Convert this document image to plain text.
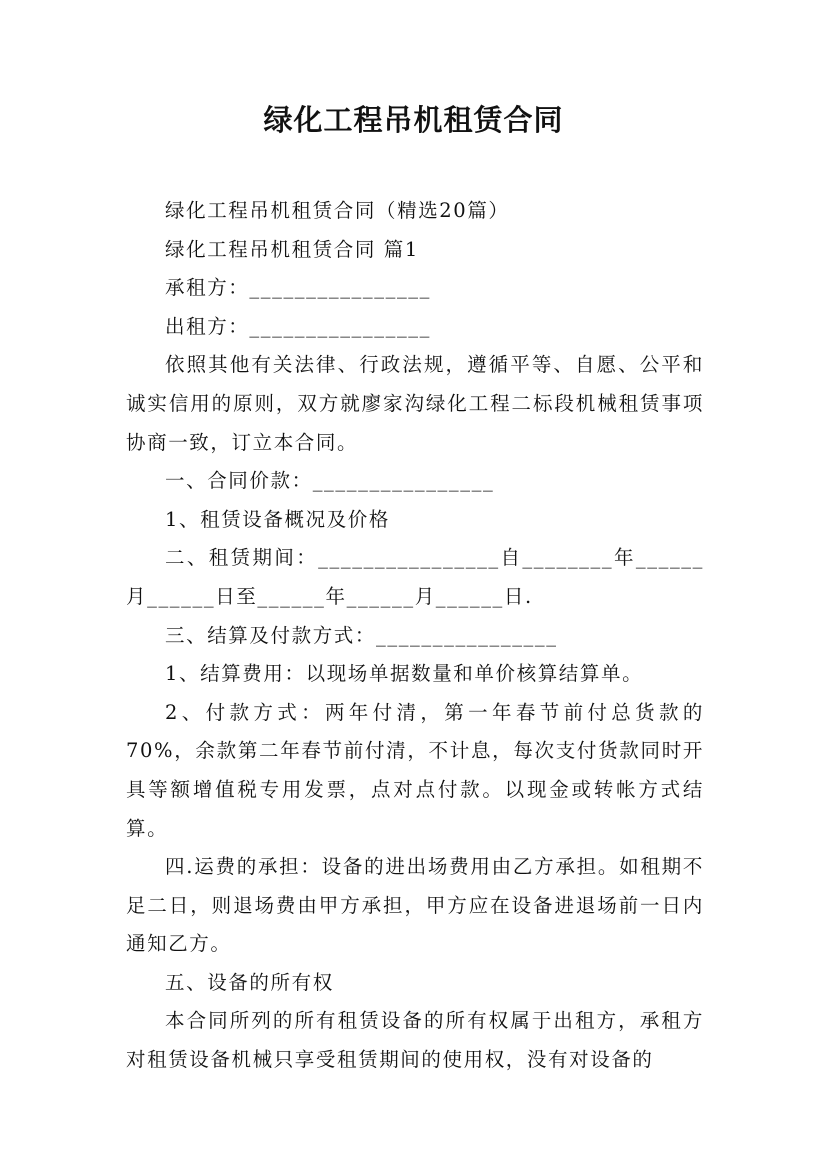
绿化工程吊机租赁合同

绿化工程吊机租赁合同（精选20篇）

绿化工程吊机租赁合同 篇1

承租方：________________

出租方：________________

依照其他有关法律、行政法规，遵循平等、自愿、公平和诚实信用的原则，双方就廖家沟绿化工程二标段机械租赁事项协商一致，订立本合同。

一、合同价款：________________

1、租赁设备概况及价格

二、租赁期间：________________自________年______月______日至______年______月______日.

三、结算及付款方式：________________

1、结算费用：以现场单据数量和单价核算结算单。

2、付款方式：两年付清，第一年春节前付总货款的70%，余款第二年春节前付清，不计息，每次支付货款同时开具等额增值税专用发票，点对点付款。以现金或转帐方式结算。

四.运费的承担：设备的进出场费用由乙方承担。如租期不足二日，则退场费由甲方承担，甲方应在设备进退场前一日内通知乙方。

五、设备的所有权

本合同所列的所有租赁设备的所有权属于出租方，承租方对租赁设备机械只享受租赁期间的使用权，没有对设备的
